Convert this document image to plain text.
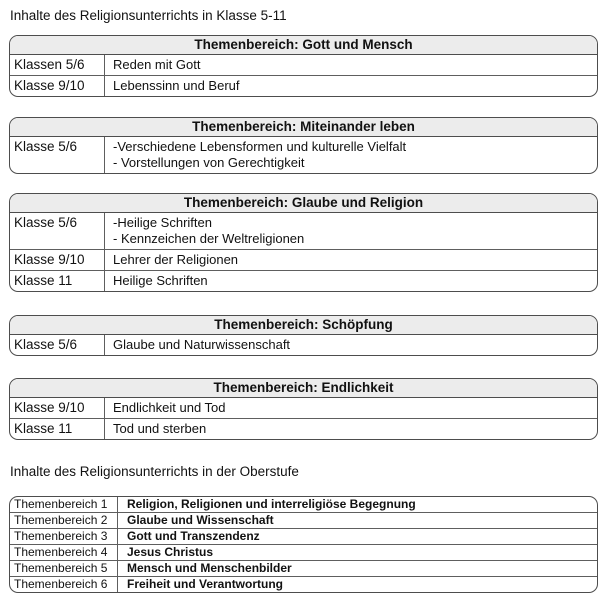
Inhalte des Religionsunterrichts in Klasse 5-11
Themenbereich: Gott und Mensch
Klassen 5/6	Reden mit Gott
Klasse 9/10	Lebenssinn und Beruf
Themenbereich: Miteinander leben
Klasse 5/6	-Verschiedene Lebensformen und kulturelle Vielfalt
- Vorstellungen von Gerechtigkeit
Themenbereich: Glaube und Religion
Klasse 5/6	-Heilige Schriften
- Kennzeichen der Weltreligionen
Klasse 9/10	Lehrer der Religionen
Klasse 11	Heilige Schriften
Themenbereich: Schöpfung
Klasse 5/6	Glaube und Naturwissenschaft
Themenbereich: Endlichkeit
Klasse 9/10	Endlichkeit und Tod
Klasse 11	Tod und sterben
Inhalte des Religionsunterrichts in der Oberstufe
Themenbereich 1	Religion, Religionen und interreligiöse Begegnung
Themenbereich 2	Glaube und Wissenschaft
Themenbereich 3	Gott und Transzendenz
Themenbereich 4	Jesus Christus
Themenbereich 5	Mensch und Menschenbilder
Themenbereich 6	Freiheit und Verantwortung
